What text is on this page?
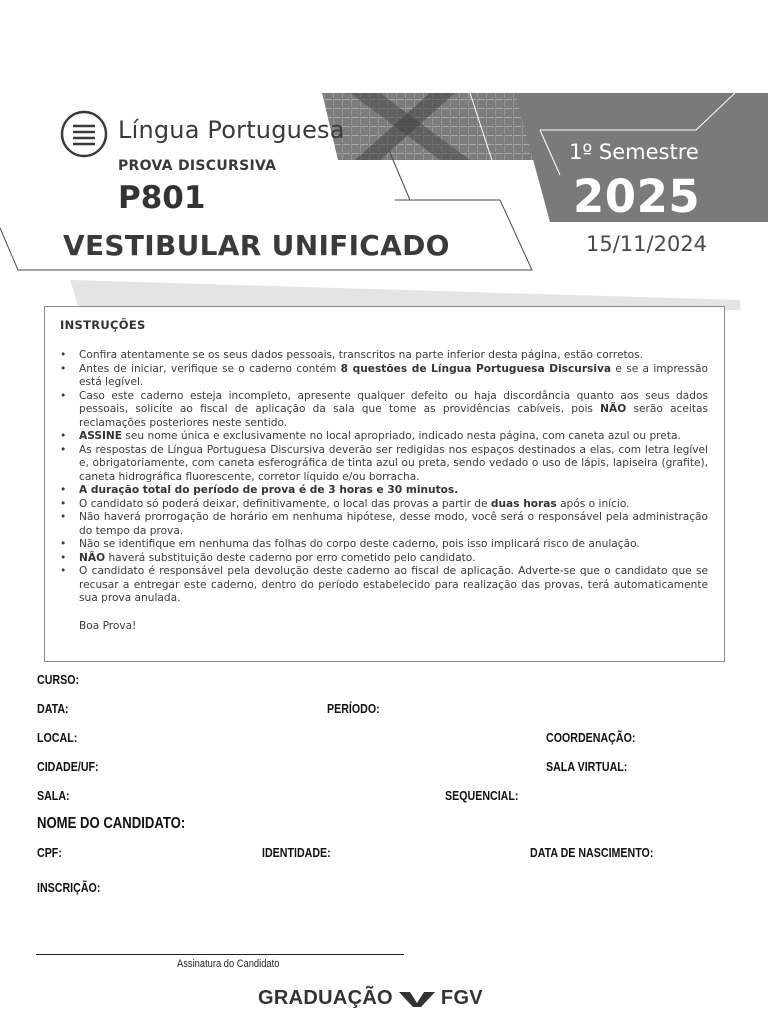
Língua Portuguesa
PROVA DISCURSIVA
P801
VESTIBULAR UNIFICADO
1º Semestre
2025
15/11/2024
INSTRUÇÕES
• Confira atentamente se os seus dados pessoais, transcritos na parte inferior desta página, estão corretos.
• Antes de iniciar, verifique se o caderno contém 8 questões de Língua Portuguesa Discursiva e se a impressão está legível.
• Caso este caderno esteja incompleto, apresente qualquer defeito ou haja discordância quanto aos seus dados pessoais, solicite ao fiscal de aplicação da sala que tome as providências cabíveis, pois NÃO serão aceitas reclamações posteriores neste sentido.
• ASSINE seu nome única e exclusivamente no local apropriado, indicado nesta página, com caneta azul ou preta.
• As respostas de Língua Portuguesa Discursiva deverão ser redigidas nos espaços destinados a elas, com letra legível e, obrigatoriamente, com caneta esferográfica de tinta azul ou preta, sendo vedado o uso de lápis, lapiseira (grafite), caneta hidrográfica fluorescente, corretor líquido e/ou borracha.
• A duração total do período de prova é de 3 horas e 30 minutos.
• O candidato só poderá deixar, definitivamente, o local das provas a partir de duas horas após o início.
• Não haverá prorrogação de horário em nenhuma hipótese, desse modo, você será o responsável pela administração do tempo da prova.
• Não se identifique em nenhuma das folhas do corpo deste caderno, pois isso implicará risco de anulação.
• NÃO haverá substituição deste caderno por erro cometido pelo candidato.
• O candidato é responsável pela devolução deste caderno ao fiscal de aplicação. Adverte-se que o candidato que se recusar a entregar este caderno, dentro do período estabelecido para realização das provas, terá automaticamente sua prova anulada.
Boa Prova!
CURSO:
DATA:	PERÍODO:
LOCAL:	COORDENAÇÃO:
CIDADE/UF:	SALA VIRTUAL:
SALA:	SEQUENCIAL:
NOME DO CANDIDATO:
CPF:	IDENTIDADE:	DATA DE NASCIMENTO:
INSCRIÇÃO:
Assinatura do Candidato
GRADUAÇÃO FGV
